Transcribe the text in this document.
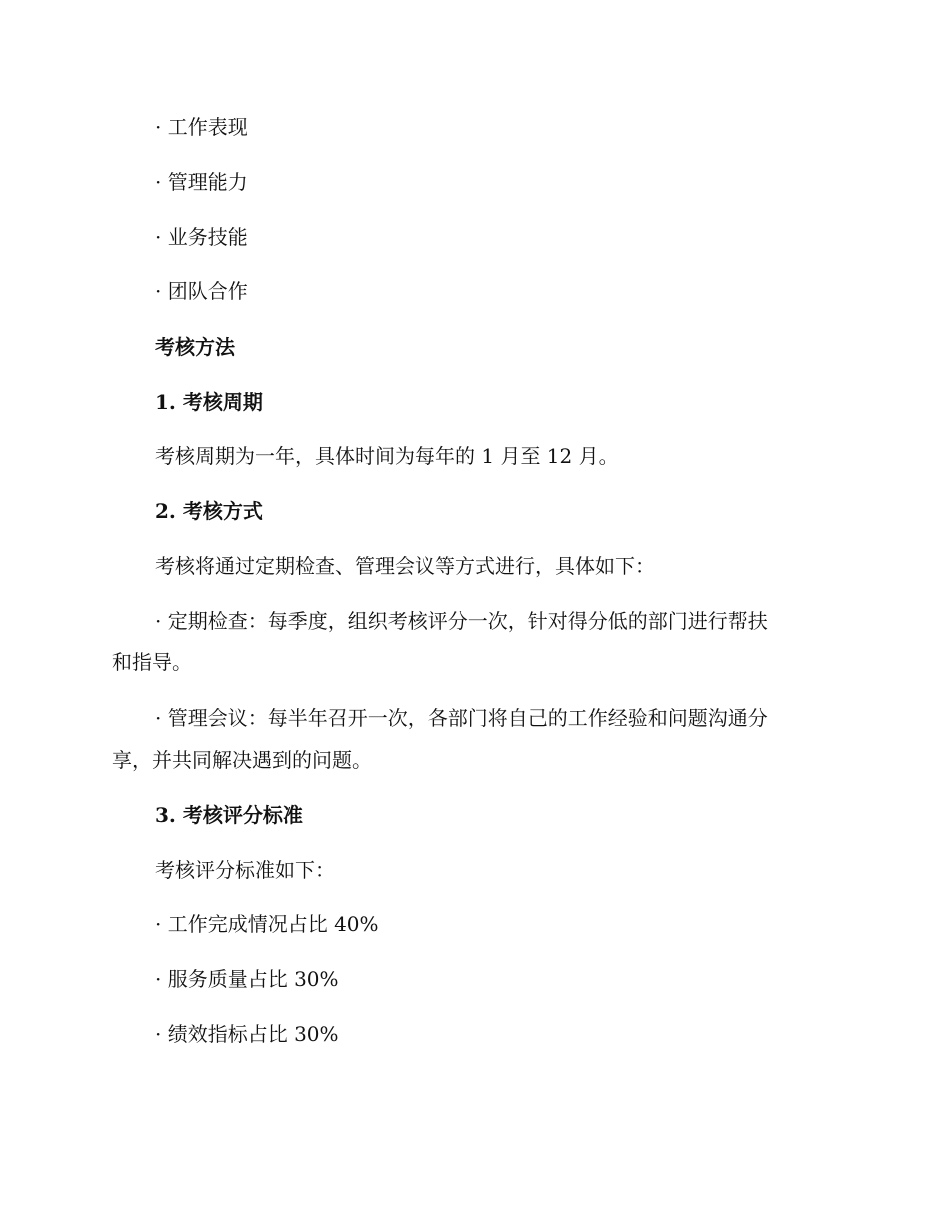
· 工作表现
· 管理能力
· 业务技能
· 团队合作
考核方法
1. 考核周期
考核周期为一年，具体时间为每年的 1 月至 12 月。
2. 考核方式
考核将通过定期检查、管理会议等方式进行，具体如下：
· 定期检查：每季度，组织考核评分一次，针对得分低的部门进行帮扶
和指导。
· 管理会议：每半年召开一次，各部门将自己的工作经验和问题沟通分
享，并共同解决遇到的问题。
3. 考核评分标准
考核评分标准如下：
· 工作完成情况占比 40%
· 服务质量占比 30%
· 绩效指标占比 30%
